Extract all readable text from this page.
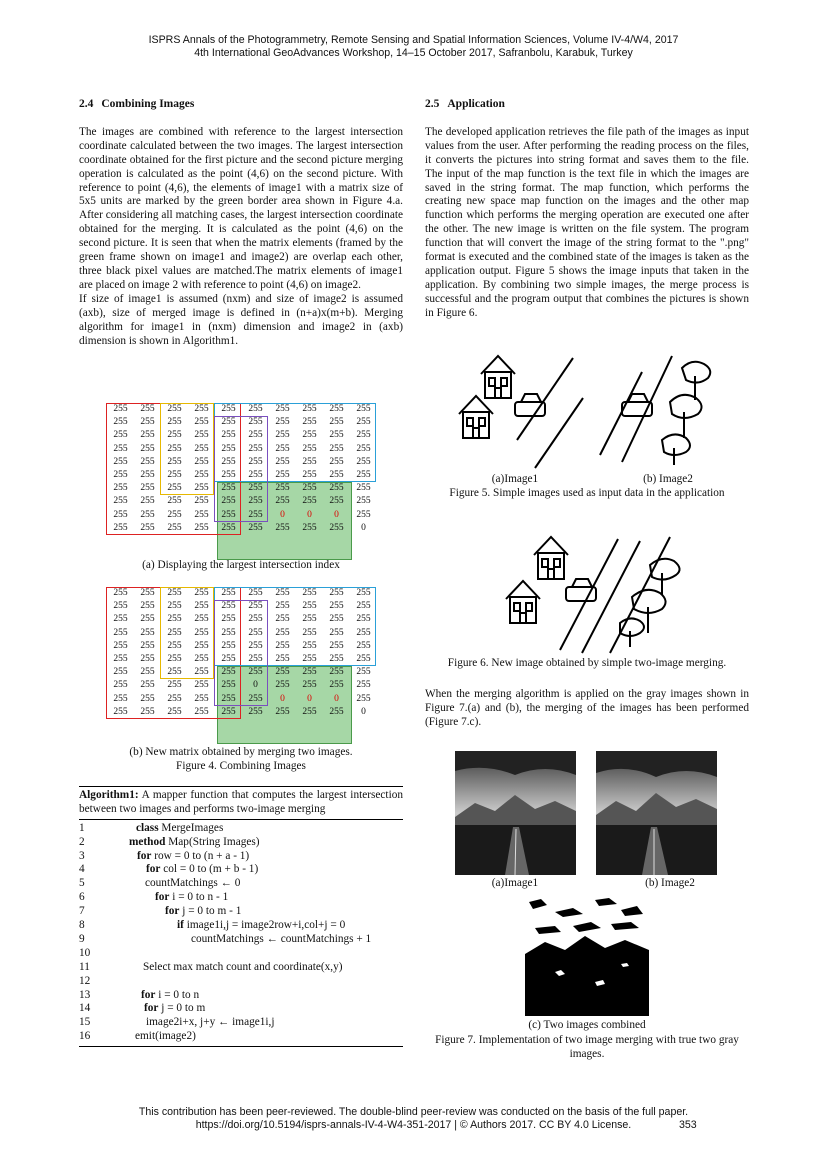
ISPRS Annals of the Photogrammetry, Remote Sensing and Spatial Information Sciences, Volume IV-4/W4, 2017
4th International GeoAdvances Workshop, 14–15 October 2017, Safranbolu, Karabuk, Turkey
2.4 Combining Images

The images are combined with reference to the largest intersection coordinate calculated between the two images. The largest intersection coordinate obtained for the first picture and the second picture merging operation is calculated as the point (4,6) on the second picture. With reference to point (4,6), the elements of image1 with a matrix size of 5x5 units are marked by the green border area shown in Figure 4.a. After considering all matching cases, the largest intersection coordinate obtained for the merging. It is calculated as the point (4,6) on the second picture. It is seen that when the matrix elements (framed by the green frame shown on image1 and image2) are overlap each other, three black pixel values are matched.The matrix elements of image1 are placed on image 2 with reference to point (4,6) on image2.

If size of image1 is assumed (nxm) and size of image2 is assumed (axb), size of merged image is defined in (n+a)x(m+b). Merging algorithm for image1 in (nxm) dimension and image2 in (axb) dimension is shown in Algorithm1.

255	255	255	255	255	255	255	255	255	255
255	255	255	255	255	255	255	255	255	255
255	255	255	255	255	255	255	255	255	255
255	255	255	255	255	255	255	255	255	255
255	255	255	255	255	255	255	255	255	255
255	255	255	255	255	255	255	255	255	255
255	255	255	255	255	255	255	255	255	255
255	255	255	255	255	255	255	255	255	255
255	255	255	255	255	255	0	0	0	255
255	255	255	255	255	255	255	255	255	0
(a) Displaying the largest intersection index
255	255	255	255	255	255	255	255	255	255
255	255	255	255	255	255	255	255	255	255
255	255	255	255	255	255	255	255	255	255
255	255	255	255	255	255	255	255	255	255
255	255	255	255	255	255	255	255	255	255
255	255	255	255	255	255	255	255	255	255
255	255	255	255	255	255	255	255	255	255
255	255	255	255	255	0	255	255	255	255
255	255	255	255	255	255	0	0	0	255
255	255	255	255	255	255	255	255	255	0
(b) New matrix obtained by merging two images.
Figure 4. Combining Images
Algorithm1: A mapper function that computes the largest intersection between two images and performs two-image merging
1	class MergeImages
2	method Map(String Images)
3	for row = 0 to (n + a - 1)
4	for col = 0 to (m + b - 1)
5	countMatchings ← 0
6	for i = 0 to n - 1
7	for j = 0 to m - 1
8	if image1i,j = image2row+i,col+j = 0
9	countMatchings ← countMatchings + 1
10
11	Select max match count and coordinate(x,y)
12
13	for i = 0 to n
14	for j = 0 to m
15	image2i+x, j+y ← image1i,j
16	emit(image2)
2.5 Application

The developed application retrieves the file path of the images as input values from the user. After performing the reading process on the files, it converts the pictures into string format and saves them to the file. The input of the map function is the text file in which the images are saved in the string format. The map function, which performs the creating new space map function on the images and the other map function which performs the merging operation are executed one after the other. The new image is written on the file system. The program function that will convert the image of the string format to the ".png" format is executed and the combined state of the images is taken as the application output. Figure 5 shows the image inputs that taken in the application. By combining two simple images, the merge process is successful and the program output that combines the pictures is shown in Figure 6.

(a)Image1	(b) Image2
Figure 5. Simple images used as input data in the application
Figure 6. New image obtained by simple two-image merging.

When the merging algorithm is applied on the gray images shown in Figure 7.(a) and (b), the merging of the images has been performed (Figure 7.c).

(a)Image1	(b) Image2
(c) Two images combined
Figure 7. Implementation of two image merging with true two gray images.
This contribution has been peer-reviewed. The double-blind peer-review was conducted on the basis of the full paper.
https://doi.org/10.5194/isprs-annals-IV-4-W4-351-2017 | © Authors 2017. CC BY 4.0 License.	353
